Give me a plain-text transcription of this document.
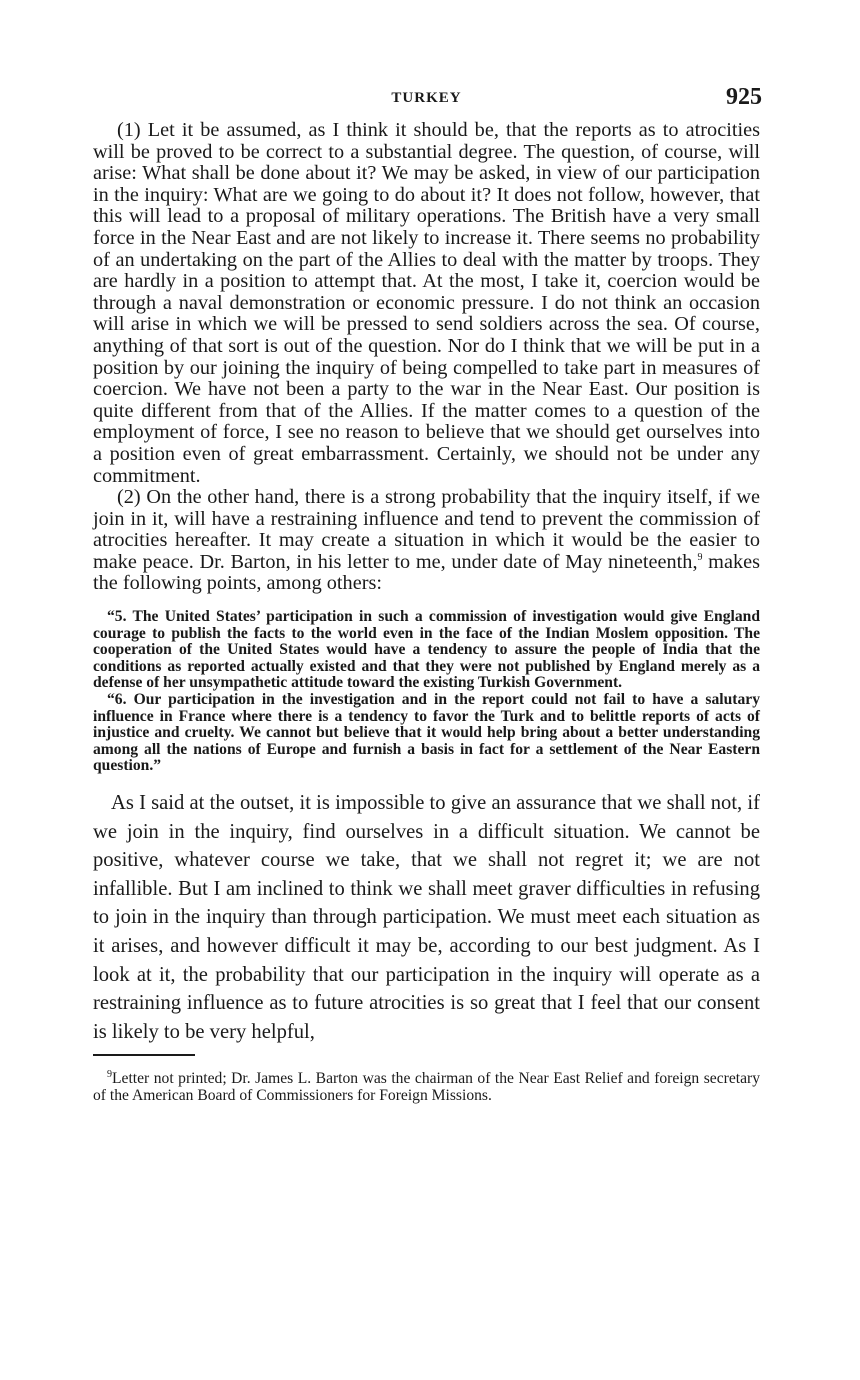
TURKEY	925

(1) Let it be assumed, as I think it should be, that the reports as to atrocities will be proved to be correct to a substantial degree. The question, of course, will arise: What shall be done about it? We may be asked, in view of our participation in the inquiry: What are we going to do about it? It does not follow, however, that this will lead to a proposal of military operations. The British have a very small force in the Near East and are not likely to increase it. There seems no probability of an undertaking on the part of the Allies to deal with the matter by troops. They are hardly in a position to attempt that. At the most, I take it, coercion would be through a naval demonstration or economic pressure. I do not think an occasion will arise in which we will be pressed to send soldiers across the sea. Of course, anything of that sort is out of the question. Nor do I think that we will be put in a position by our joining the inquiry of being compelled to take part in measures of coercion. We have not been a party to the war in the Near East. Our position is quite different from that of the Allies. If the matter comes to a question of the employment of force, I see no reason to believe that we should get ourselves into a position even of great embarrassment. Certainly, we should not be under any commitment.

(2) On the other hand, there is a strong probability that the inquiry itself, if we join in it, will have a restraining influence and tend to prevent the commission of atrocities hereafter. It may create a situation in which it would be the easier to make peace. Dr. Barton, in his letter to me, under date of May nineteenth,$^9$ makes the following points, among others:

“5. The United States’ participation in such a commission of investigation would give England courage to publish the facts to the world even in the face of the Indian Moslem opposition. The cooperation of the United States would have a tendency to assure the people of India that the conditions as reported actually existed and that they were not published by England merely as a defense of her unsympathetic attitude toward the existing Turkish Government.

“6. Our participation in the investigation and in the report could not fail to have a salutary influence in France where there is a tendency to favor the Turk and to belittle reports of acts of injustice and cruelty. We cannot but believe that it would help bring about a better understanding among all the nations of Europe and furnish a basis in fact for a settlement of the Near Eastern question.”

As I said at the outset, it is impossible to give an assurance that we shall not, if we join in the inquiry, find ourselves in a difficult situation. We cannot be positive, whatever course we take, that we shall not regret it; we are not infallible. But I am inclined to think we shall meet graver difficulties in refusing to join in the inquiry than through participation. We must meet each situation as it arises, and however difficult it may be, according to our best judgment. As I look at it, the probability that our participation in the inquiry will operate as a restraining influence as to future atrocities is so great that I feel that our consent is likely to be very helpful,

$^9$Letter not printed; Dr. James L. Barton was the chairman of the Near East Relief and foreign secretary of the American Board of Commissioners for Foreign Missions.
